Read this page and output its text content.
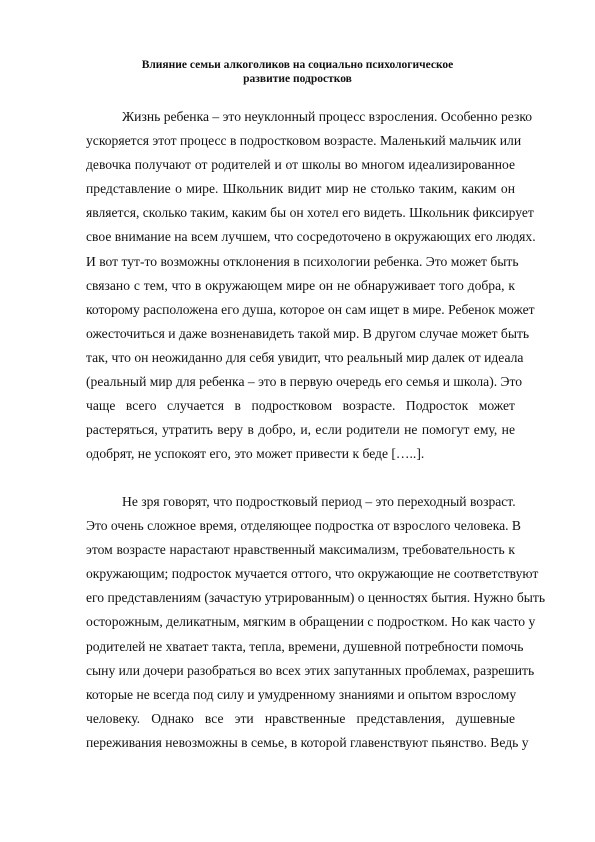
Влияние семьи алкоголиков на социально психологическое
развитие подростков
Жизнь ребенка – это неуклонный процесс взросления. Особенно резко
ускоряется этот процесс в подростковом возрасте. Маленький мальчик или
девочка получают от родителей и от школы во многом идеализированное
представление о мире. Школьник видит мир не столько таким, каким он
является, сколько таким, каким бы он хотел его видеть. Школьник фиксирует
свое внимание на всем лучшем, что сосредоточено в окружающих его людях.
И вот тут-то возможны отклонения в психологии ребенка. Это может быть
связано с тем, что в окружающем мире он не обнаруживает того добра, к
которому расположена его душа, которое он сам ищет в мире. Ребенок может
ожесточиться и даже возненавидеть такой мир. В другом случае может быть
так, что он неожиданно для себя увидит, что реальный мир далек от идеала
(реальный мир для ребенка – это в первую очередь его семья и школа). Это
чаще всего случается в подростковом возрасте. Подросток может
растеряться, утратить веру в добро, и, если родители не помогут ему, не
одобрят, не успокоят его, это может привести к беде […..].
Не зря говорят, что подростковый период – это переходный возраст.
Это очень сложное время, отделяющее подростка от взрослого человека. В
этом возрасте нарастают нравственный максимализм, требовательность к
окружающим; подросток мучается оттого, что окружающие не соответствуют
его представлениям (зачастую утрированным) о ценностях бытия. Нужно быть
осторожным, деликатным, мягким в обращении с подростком. Но как часто у
родителей не хватает такта, тепла, времени, душевной потребности помочь
сыну или дочери разобраться во всех этих запутанных проблемах, разрешить
которые не всегда под силу и умудренному знаниями и опытом взрослому
человеку. Однако все эти нравственные представления, душевные
переживания невозможны в семье, в которой главенствуют пьянство. Ведь у
